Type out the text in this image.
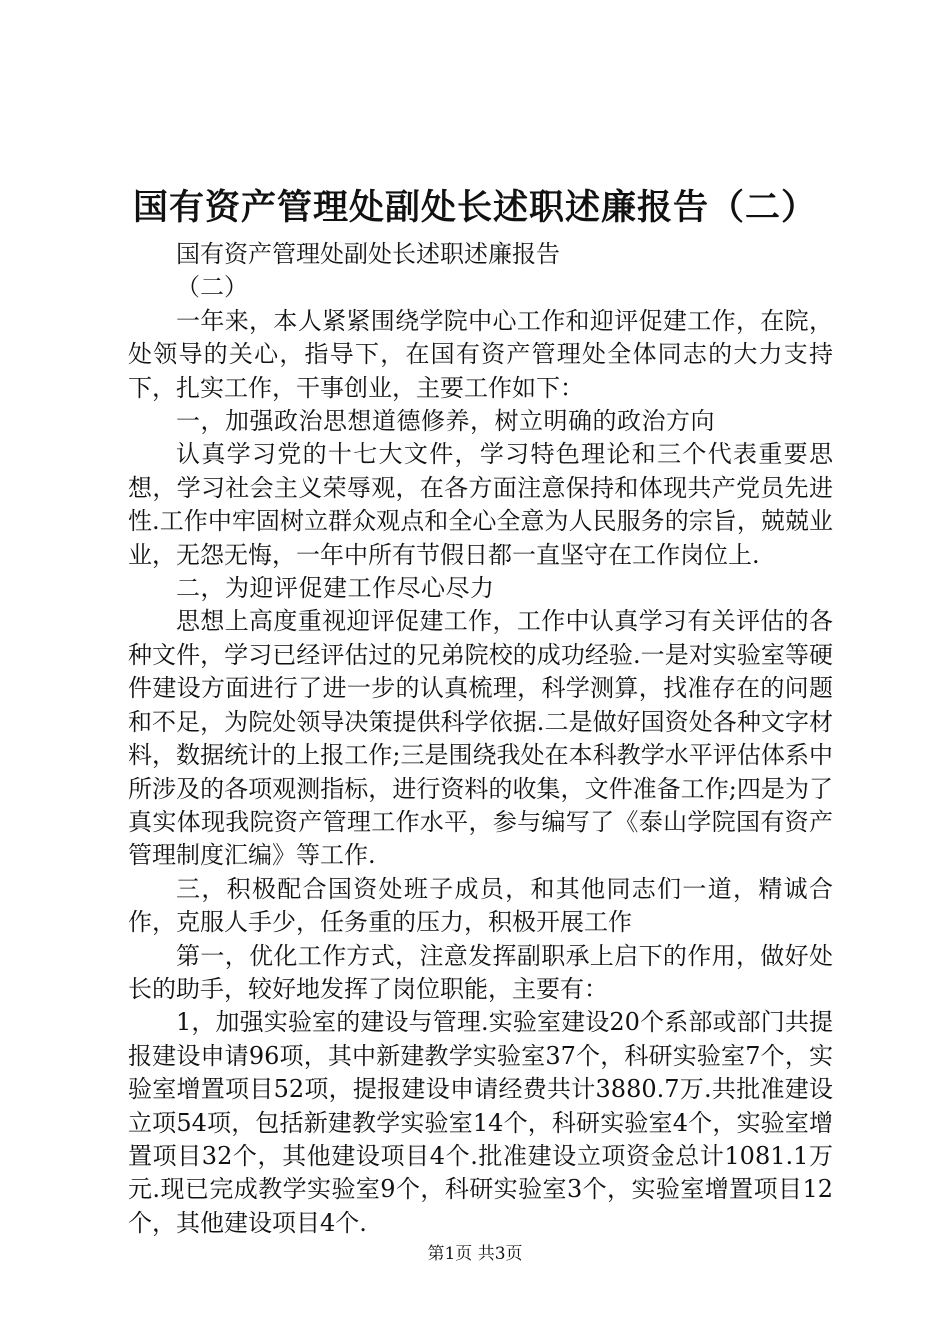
国有资产管理处副处长述职述廉报告（二）

国有资产管理处副处长述职述廉报告

（二）

一年来，本人紧紧围绕学院中心工作和迎评促建工作，在院，处领导的关心，指导下，在国有资产管理处全体同志的大力支持下，扎实工作，干事创业，主要工作如下：

一，加强政治思想道德修养，树立明确的政治方向

认真学习党的十七大文件，学习特色理论和三个代表重要思想，学习社会主义荣辱观，在各方面注意保持和体现共产党员先进性.工作中牢固树立群众观点和全心全意为人民服务的宗旨，兢兢业业，无怨无悔，一年中所有节假日都一直坚守在工作岗位上.

二，为迎评促建工作尽心尽力

思想上高度重视迎评促建工作，工作中认真学习有关评估的各种文件，学习已经评估过的兄弟院校的成功经验.一是对实验室等硬件建设方面进行了进一步的认真梳理，科学测算，找准存在的问题和不足，为院处领导决策提供科学依据.二是做好国资处各种文字材料，数据统计的上报工作;三是围绕我处在本科教学水平评估体系中所涉及的各项观测指标，进行资料的收集，文件准备工作;四是为了真实体现我院资产管理工作水平，参与编写了《泰山学院国有资产管理制度汇编》等工作.

三，积极配合国资处班子成员，和其他同志们一道，精诚合作，克服人手少，任务重的压力，积极开展工作

第一，优化工作方式，注意发挥副职承上启下的作用，做好处长的助手，较好地发挥了岗位职能，主要有：

1，加强实验室的建设与管理.实验室建设20个系部或部门共提报建设申请96项，其中新建教学实验室37个，科研实验室7个，实验室增置项目52项，提报建设申请经费共计3880.7万.共批准建设立项54项，包括新建教学实验室14个，科研实验室4个，实验室增置项目32个，其他建设项目4个.批准建设立项资金总计1081.1万元.现已完成教学实验室9个，科研实验室3个，实验室增置项目12个，其他建设项目4个.

第1页 共3页
